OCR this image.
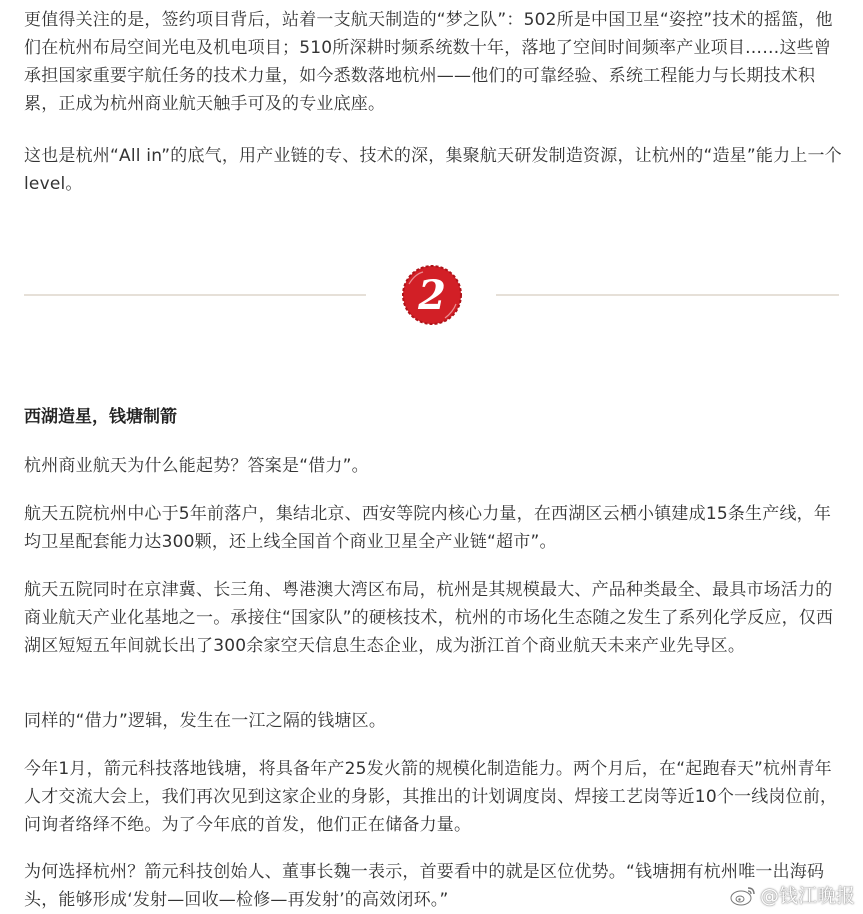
更值得关注的是，签约项目背后，站着一支航天制造的“梦之队”：502所是中国卫星“姿控”技术的摇篮，他们在杭州布局空间光电及机电项目；510所深耕时频系统数十年，落地了空间时间频率产业项目……这些曾承担国家重要宇航任务的技术力量，如今悉数落地杭州——他们的可靠经验、系统工程能力与长期技术积累，正成为杭州商业航天触手可及的专业底座。

这也是杭州“All in”的底气，用产业链的专、技术的深，集聚航天研发制造资源，让杭州的“造星”能力上一个level。

2
西湖造星，钱塘制箭

杭州商业航天为什么能起势？答案是“借力”。

航天五院杭州中心于5年前落户，集结北京、西安等院内核心力量，在西湖区云栖小镇建成15条生产线，年均卫星配套能力达300颗，还上线全国首个商业卫星全产业链“超市”。

航天五院同时在京津冀、长三角、粤港澳大湾区布局，杭州是其规模最大、产品种类最全、最具市场活力的商业航天产业化基地之一。承接住“国家队”的硬核技术，杭州的市场化生态随之发生了系列化学反应，仅西湖区短短五年间就长出了300余家空天信息生态企业，成为浙江首个商业航天未来产业先导区。

同样的“借力”逻辑，发生在一江之隔的钱塘区。

今年1月，箭元科技落地钱塘，将具备年产25发火箭的规模化制造能力。两个月后，在“起跑春天”杭州青年人才交流大会上，我们再次见到这家企业的身影，其推出的计划调度岗、焊接工艺岗等近10个一线岗位前，问询者络绎不绝。为了今年底的首发，他们正在储备力量。

为何选择杭州？箭元科技创始人、董事长魏一表示，首要看中的就是区位优势。“钱塘拥有杭州唯一出海码头，能够形成‘发射—回收—检修—再发射’的高效闭环。”	@钱江晚报
